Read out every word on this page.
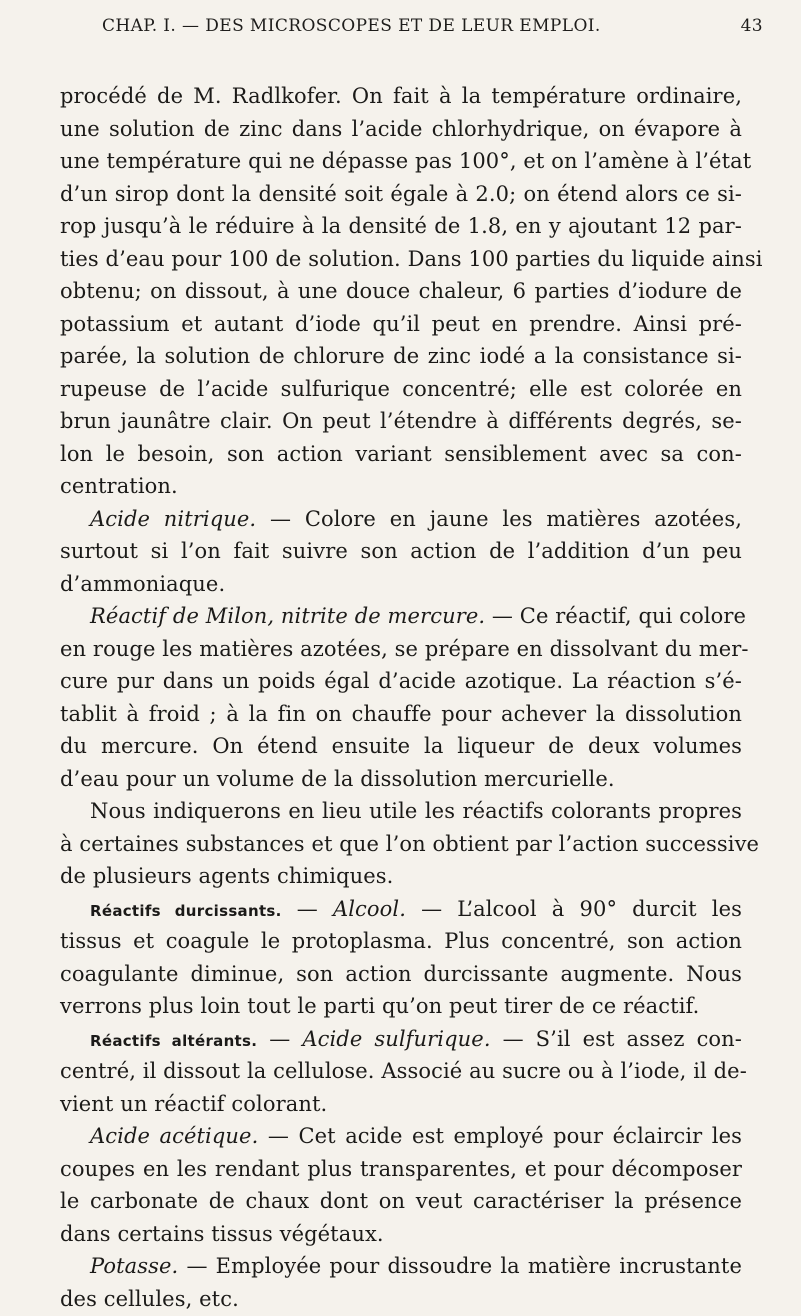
CHAP. I. — DES MICROSCOPES ET DE LEUR EMPLOI.	43
procédé de M. Radlkofer. On fait à la température ordinaire,
une solution de zinc dans l’acide chlorhydrique, on évapore à
une température qui ne dépasse pas 100°, et on l’amène à l’état
d’un sirop dont la densité soit égale à 2.0; on étend alors ce si-
rop jusqu’à le réduire à la densité de 1.8, en y ajoutant 12 par-
ties d’eau pour 100 de solution. Dans 100 parties du liquide ainsi
obtenu; on dissout, à une douce chaleur, 6 parties d’iodure de
potassium et autant d’iode qu’il peut en prendre. Ainsi pré-
parée, la solution de chlorure de zinc iodé a la consistance si-
rupeuse de l’acide sulfurique concentré; elle est colorée en
brun jaunâtre clair. On peut l’étendre à différents degrés, se-
lon le besoin, son action variant sensiblement avec sa con-
centration.
Acide nitrique. — Colore en jaune les matières azotées,
surtout si l’on fait suivre son action de l’addition d’un peu
d’ammoniaque.
Réactif de Milon, nitrite de mercure. — Ce réactif, qui colore
en rouge les matières azotées, se prépare en dissolvant du mer-
cure pur dans un poids égal d’acide azotique. La réaction s’é-
tablit à froid ; à la fin on chauffe pour achever la dissolution
du mercure. On étend ensuite la liqueur de deux volumes
d’eau pour un volume de la dissolution mercurielle.
Nous indiquerons en lieu utile les réactifs colorants propres
à certaines substances et que l’on obtient par l’action successive
de plusieurs agents chimiques.
Réactifs durcissants. — Alcool. — L’alcool à 90° durcit les
tissus et coagule le protoplasma. Plus concentré, son action
coagulante diminue, son action durcissante augmente. Nous
verrons plus loin tout le parti qu’on peut tirer de ce réactif.
Réactifs altérants. — Acide sulfurique. — S’il est assez con-
centré, il dissout la cellulose. Associé au sucre ou à l’iode, il de-
vient un réactif colorant.
Acide acétique. — Cet acide est employé pour éclaircir les
coupes en les rendant plus transparentes, et pour décomposer
le carbonate de chaux dont on veut caractériser la présence
dans certains tissus végétaux.
Potasse. — Employée pour dissoudre la matière incrustante
des cellules, etc.
